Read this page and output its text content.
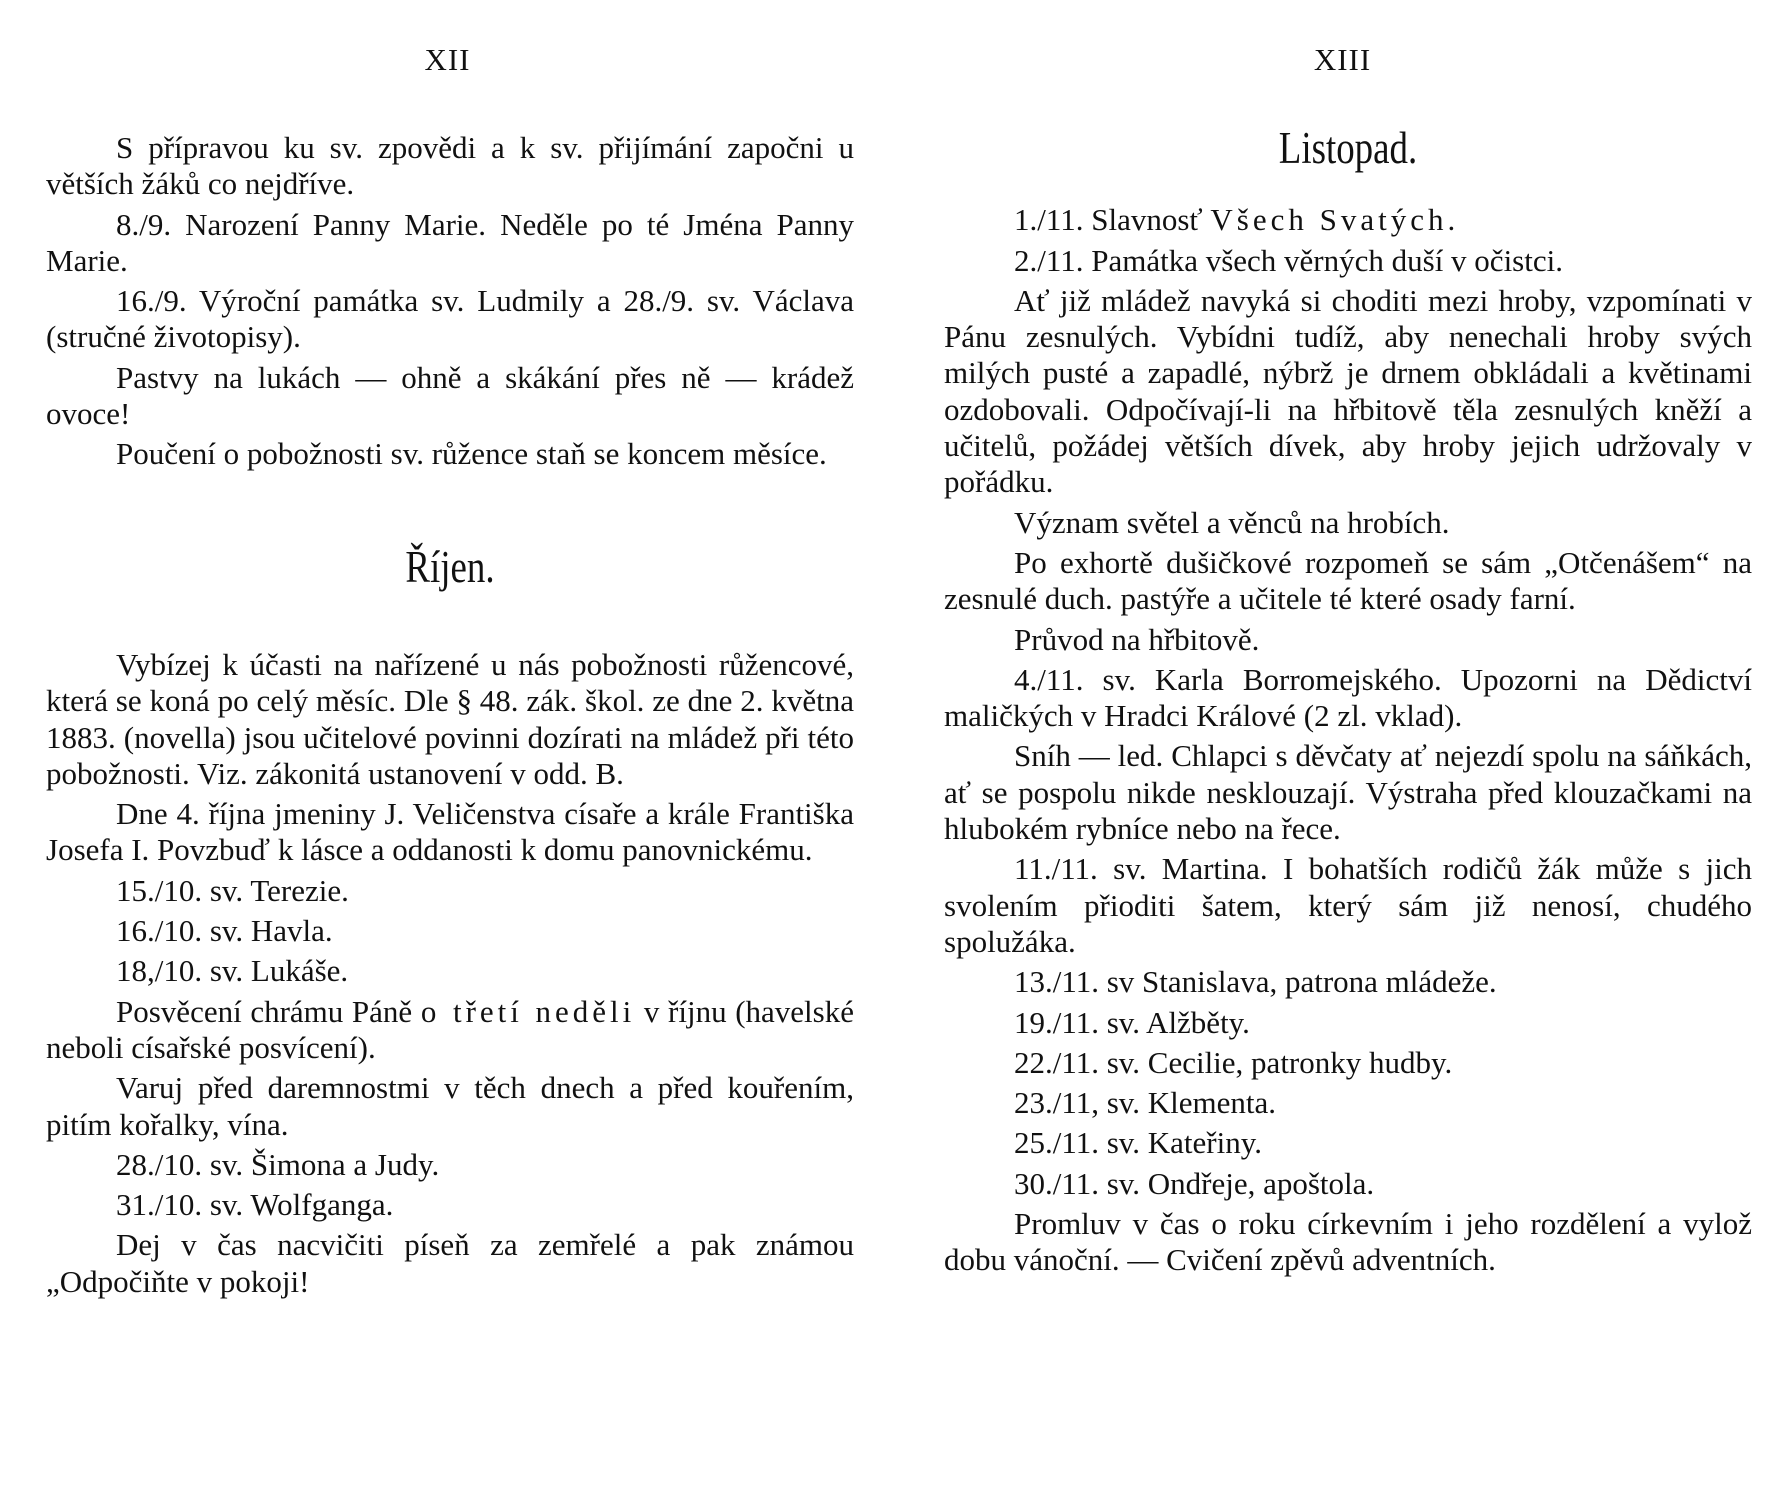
XII

S přípravou ku sv. zpovědi a k sv. přijímání započni u větších žáků co nejdříve.

8./9. Narození Panny Marie. Neděle po té Jména Panny Marie.

16./9. Výroční památka sv. Ludmily a 28./9. sv. Václava (stručné životopisy).

Pastvy na lukách — ohně a skákání přes ně — krádež ovoce!

Poučení o pobožnosti sv. růžence staň se koncem měsíce.

Říjen.

Vybízej k účasti na nařízené u nás pobožnosti růžencové, která se koná po celý měsíc. Dle § 48. zák. škol. ze dne 2. května 1883. (novella) jsou učitelové povinni dozírati na mládež při této pobožnosti. Viz. zákonitá ustanovení v odd. B.

Dne 4. října jmeniny J. Veličenstva císaře a krále Františka Josefa I. Povzbuď k lásce a oddanosti k domu panovnickému.

15./10. sv. Terezie.

16./10. sv. Havla.

18,/10. sv. Lukáše.

Posvěcení chrámu Páně o třetí neděli v říjnu (havelské neboli císařské posvícení).

Varuj před daremnostmi v těch dnech a před kouřením, pitím kořalky, vína.

28./10. sv. Šimona a Judy.

31./10. sv. Wolfganga.

Dej v čas nacvičiti píseň za zemřelé a pak známou „Odpočiňte v pokoji!

XIII
Listopad.

1./11. Slavnosť Všech Svatých.

2./11. Památka všech věrných duší v očistci.

Ať již mládež navyká si choditi mezi hroby, vzpomínati v Pánu zesnulých. Vybídni tudíž, aby nenechali hroby svých milých pusté a zapadlé, nýbrž je drnem obkládali a květinami ozdobovali. Odpočívají-li na hřbitově těla zesnulých kněží a učitelů, požádej větších dívek, aby hroby jejich udržovaly v pořádku.

Význam světel a věnců na hrobích.

Po exhortě dušičkové rozpomeň se sám „Otčenášem“ na zesnulé duch. pastýře a učitele té které osady farní.

Průvod na hřbitově.

4./11. sv. Karla Borromejského. Upozorni na Dědictví maličkých v Hradci Králové (2 zl. vklad).

Sníh — led. Chlapci s děvčaty ať nejezdí spolu na sáňkách, ať se pospolu nikde nesklouzají. Výstraha před klouzačkami na hlubokém rybníce nebo na řece.

11./11. sv. Martina. I bohatších rodičů žák může s jich svolením přioditi šatem, který sám již nenosí, chudého spolužáka.

13./11. sv Stanislava, patrona mládeže.

19./11. sv. Alžběty.

22./11. sv. Cecilie, patronky hudby.

23./11, sv. Klementa.

25./11. sv. Kateřiny.

30./11. sv. Ondřeje, apoštola.

Promluv v čas o roku církevním i jeho rozdělení a vylož dobu vánoční. — Cvičení zpěvů adventních.
